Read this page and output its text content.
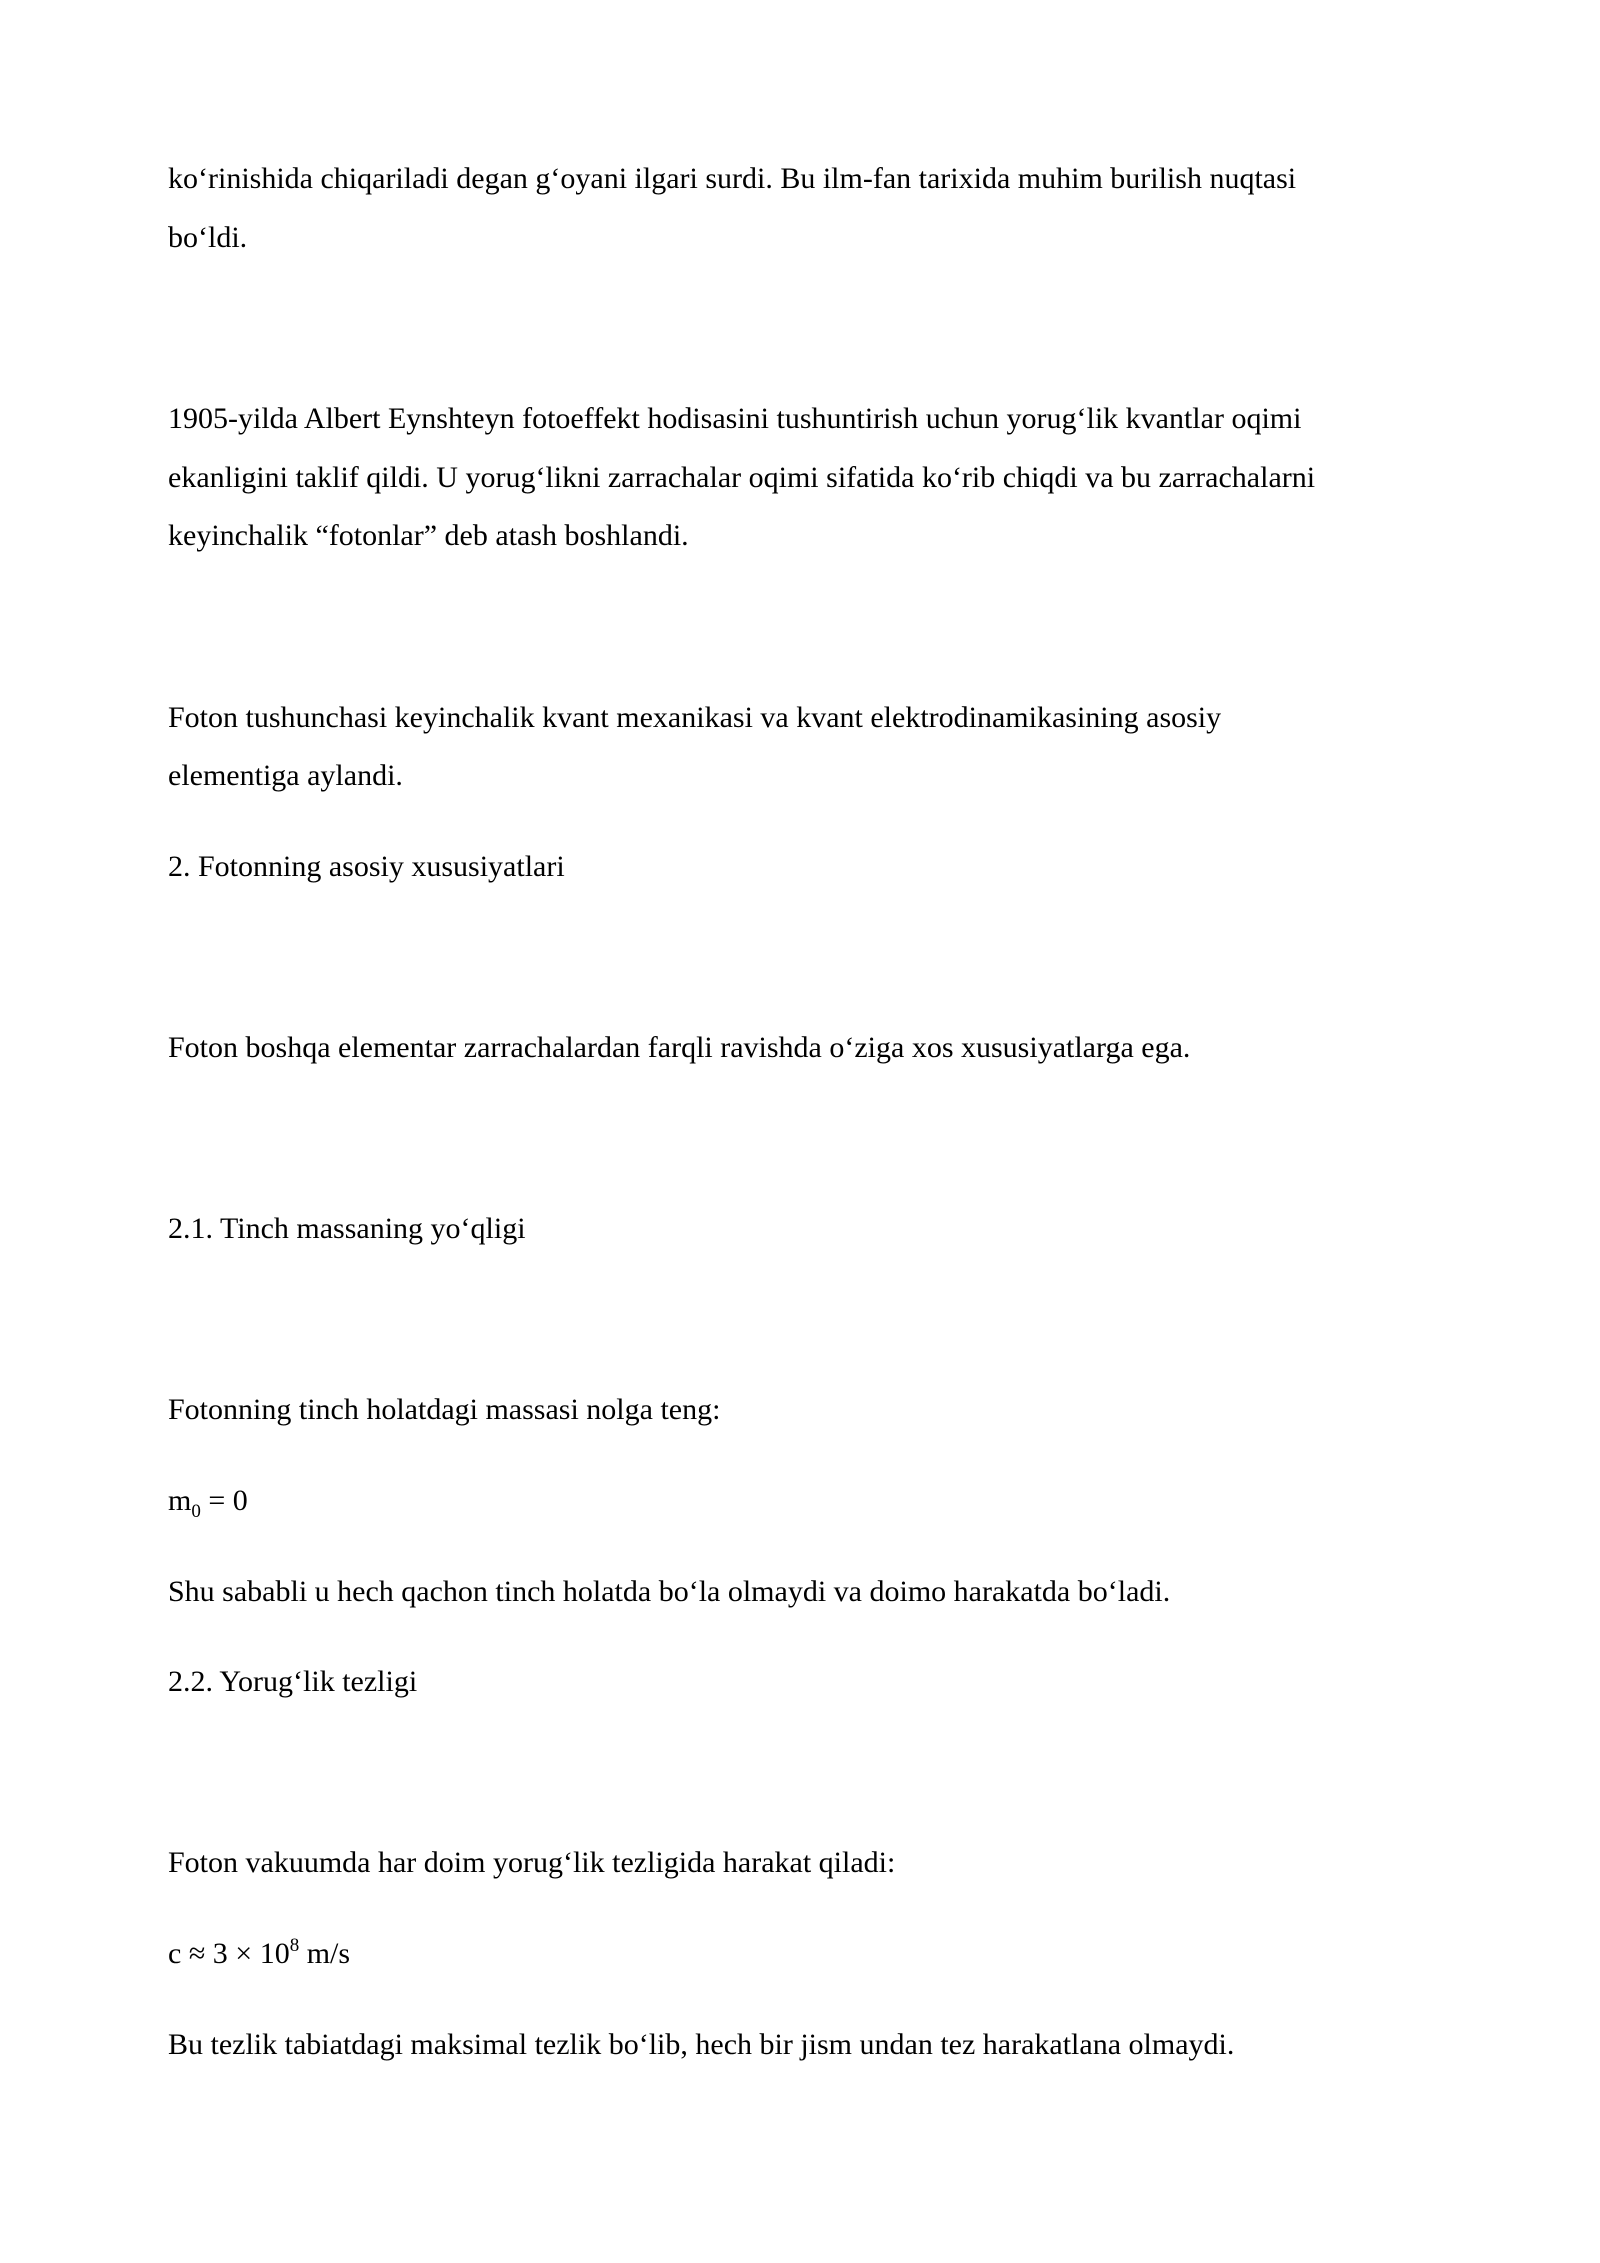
ko‘rinishida chiqariladi degan g‘oyani ilgari surdi. Bu ilm-fan tarixida muhim burilish nuqtasi

bo‘ldi.

1905-yilda Albert Eynshteyn fotoeffekt hodisasini tushuntirish uchun yorug‘lik kvantlar oqimi

ekanligini taklif qildi. U yorug‘likni zarrachalar oqimi sifatida ko‘rib chiqdi va bu zarrachalarni

keyinchalik “fotonlar” deb atash boshlandi.

Foton tushunchasi keyinchalik kvant mexanikasi va kvant elektrodinamikasining asosiy

elementiga aylandi.

2. Fotonning asosiy xususiyatlari

Foton boshqa elementar zarrachalardan farqli ravishda o‘ziga xos xususiyatlarga ega.

2.1. Tinch massaning yo‘qligi

Fotonning tinch holatdagi massasi nolga teng:

$m_0 = 0$

Shu sababli u hech qachon tinch holatda bo‘la olmaydi va doimo harakatda bo‘ladi.

2.2. Yorug‘lik tezligi

Foton vakuumda har doim yorug‘lik tezligida harakat qiladi:

$c \approx 3 \times 10^8$ m/s

Bu tezlik tabiatdagi maksimal tezlik bo‘lib, hech bir jism undan tez harakatlana olmaydi.
